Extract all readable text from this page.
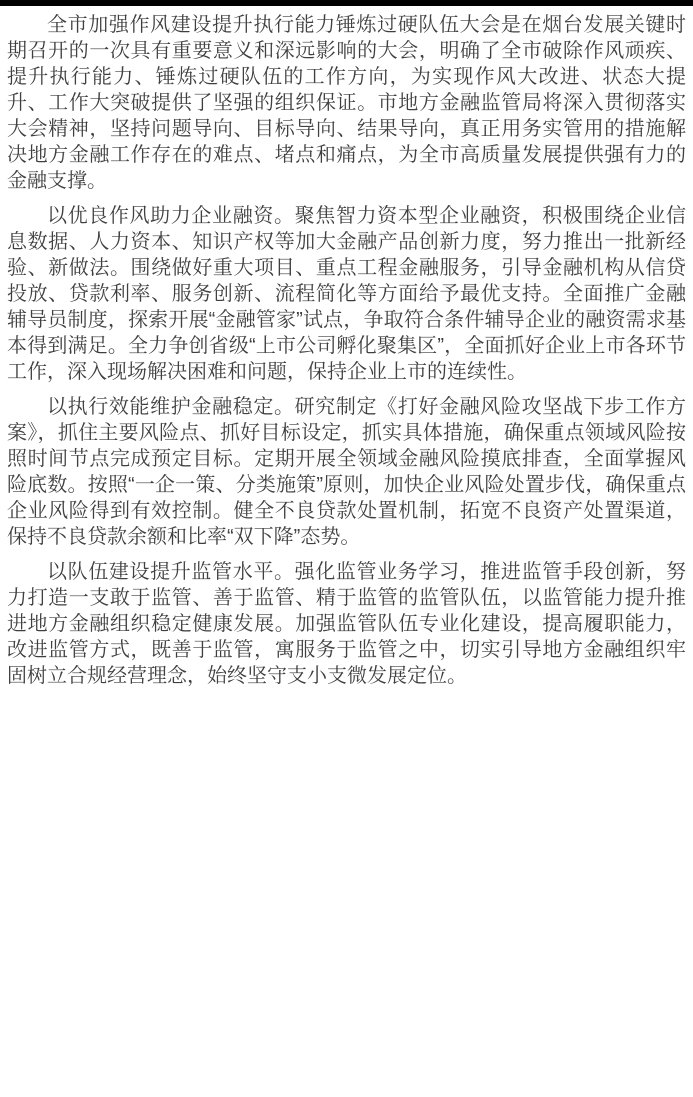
全市加强作风建设提升执行能力锤炼过硬队伍大会是在烟台发展关键时期召开的一次具有重要意义和深远影响的大会，明确了全市破除作风顽疾、提升执行能力、锤炼过硬队伍的工作方向，为实现作风大改进、状态大提升、工作大突破提供了坚强的组织保证。市地方金融监管局将深入贯彻落实大会精神，坚持问题导向、目标导向、结果导向，真正用务实管用的措施解决地方金融工作存在的难点、堵点和痛点，为全市高质量发展提供强有力的金融支撑。

以优良作风助力企业融资。聚焦智力资本型企业融资，积极围绕企业信息数据、人力资本、知识产权等加大金融产品创新力度，努力推出一批新经验、新做法。围绕做好重大项目、重点工程金融服务，引导金融机构从信贷投放、贷款利率、服务创新、流程简化等方面给予最优支持。全面推广金融辅导员制度，探索开展“金融管家”试点，争取符合条件辅导企业的融资需求基本得到满足。全力争创省级“上市公司孵化聚集区”，全面抓好企业上市各环节工作，深入现场解决困难和问题，保持企业上市的连续性。

以执行效能维护金融稳定。研究制定《打好金融风险攻坚战下步工作方案》，抓住主要风险点、抓好目标设定，抓实具体措施，确保重点领域风险按照时间节点完成预定目标。定期开展全领域金融风险摸底排查，全面掌握风险底数。按照“一企一策、分类施策”原则，加快企业风险处置步伐，确保重点企业风险得到有效控制。健全不良贷款处置机制，拓宽不良资产处置渠道，保持不良贷款余额和比率“双下降”态势。

以队伍建设提升监管水平。强化监管业务学习，推进监管手段创新，努力打造一支敢于监管、善于监管、精于监管的监管队伍，以监管能力提升推进地方金融组织稳定健康发展。加强监管队伍专业化建设，提高履职能力，改进监管方式，既善于监管，寓服务于监管之中，切实引导地方金融组织牢固树立合规经营理念，始终坚守支小支微发展定位。
